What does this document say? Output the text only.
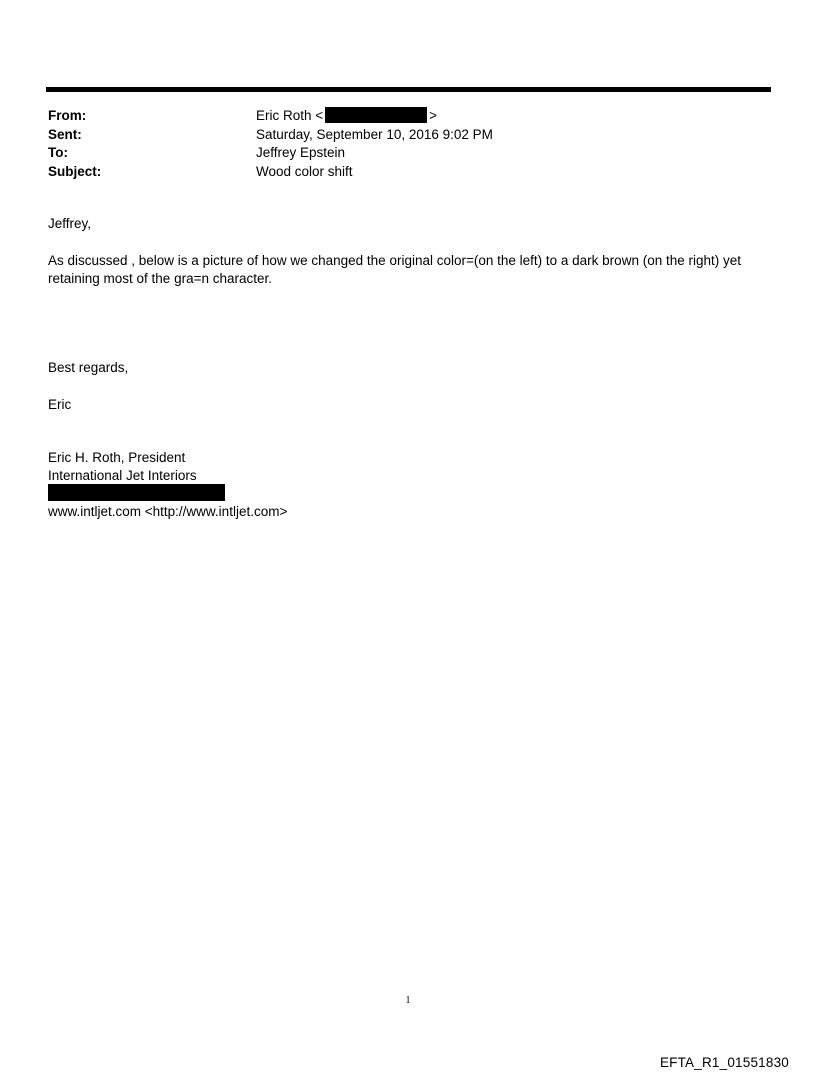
From:	Eric Roth <	>
Sent:	Saturday, September 10, 2016 9:02 PM
To:	Jeffrey Epstein
Subject:	Wood color shift
Jeffrey,
As discussed , below is a picture of how we changed the original color=(on the left) to a dark brown (on the right) yet retaining most of the gra=n character.
Best regards,
Eric
Eric H. Roth, President
International Jet Interiors
www.intljet.com <http://www.intljet.com>
1
EFTA_R1_01551830
